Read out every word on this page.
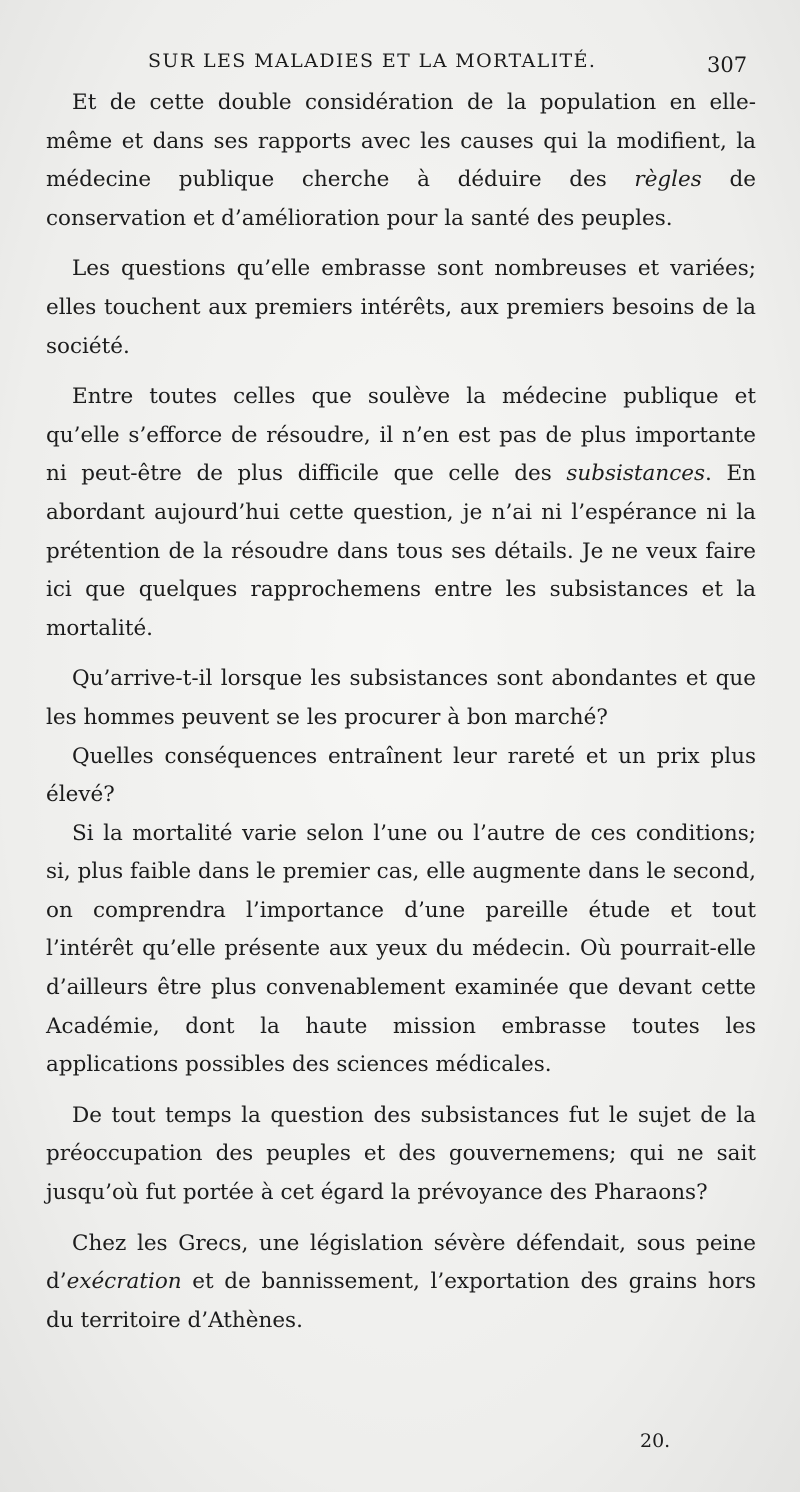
SUR LES MALADIES ET LA MORTALITÉ.	307

Et de cette double considération de la population en elle-même et dans ses rapports avec les causes qui la modifient, la médecine publique cherche à déduire des règles de conservation et d’amélioration pour la santé des peuples.

Les questions qu’elle embrasse sont nombreuses et variées; elles touchent aux premiers intérêts, aux premiers besoins de la société.

Entre toutes celles que soulève la médecine publique et qu’elle s’efforce de résoudre, il n’en est pas de plus importante ni peut-être de plus difficile que celle des subsistances. En abordant aujourd’hui cette question, je n’ai ni l’espérance ni la prétention de la résoudre dans tous ses détails. Je ne veux faire ici que quelques rapprochemens entre les subsistances et la mortalité.

Qu’arrive-t-il lorsque les subsistances sont abondantes et que les hommes peuvent se les procurer à bon marché?

Quelles conséquences entraînent leur rareté et un prix plus élevé?

Si la mortalité varie selon l’une ou l’autre de ces conditions; si, plus faible dans le premier cas, elle augmente dans le second, on comprendra l’importance d’une pareille étude et tout l’intérêt qu’elle présente aux yeux du médecin. Où pourrait-elle d’ailleurs être plus convenablement examinée que devant cette Académie, dont la haute mission embrasse toutes les applications possibles des sciences médicales.

De tout temps la question des subsistances fut le sujet de la préoccupation des peuples et des gouvernemens; qui ne sait jusqu’où fut portée à cet égard la prévoyance des Pharaons?

Chez les Grecs, une législation sévère défendait, sous peine d’exécration et de bannissement, l’exportation des grains hors du territoire d’Athènes.

20.
